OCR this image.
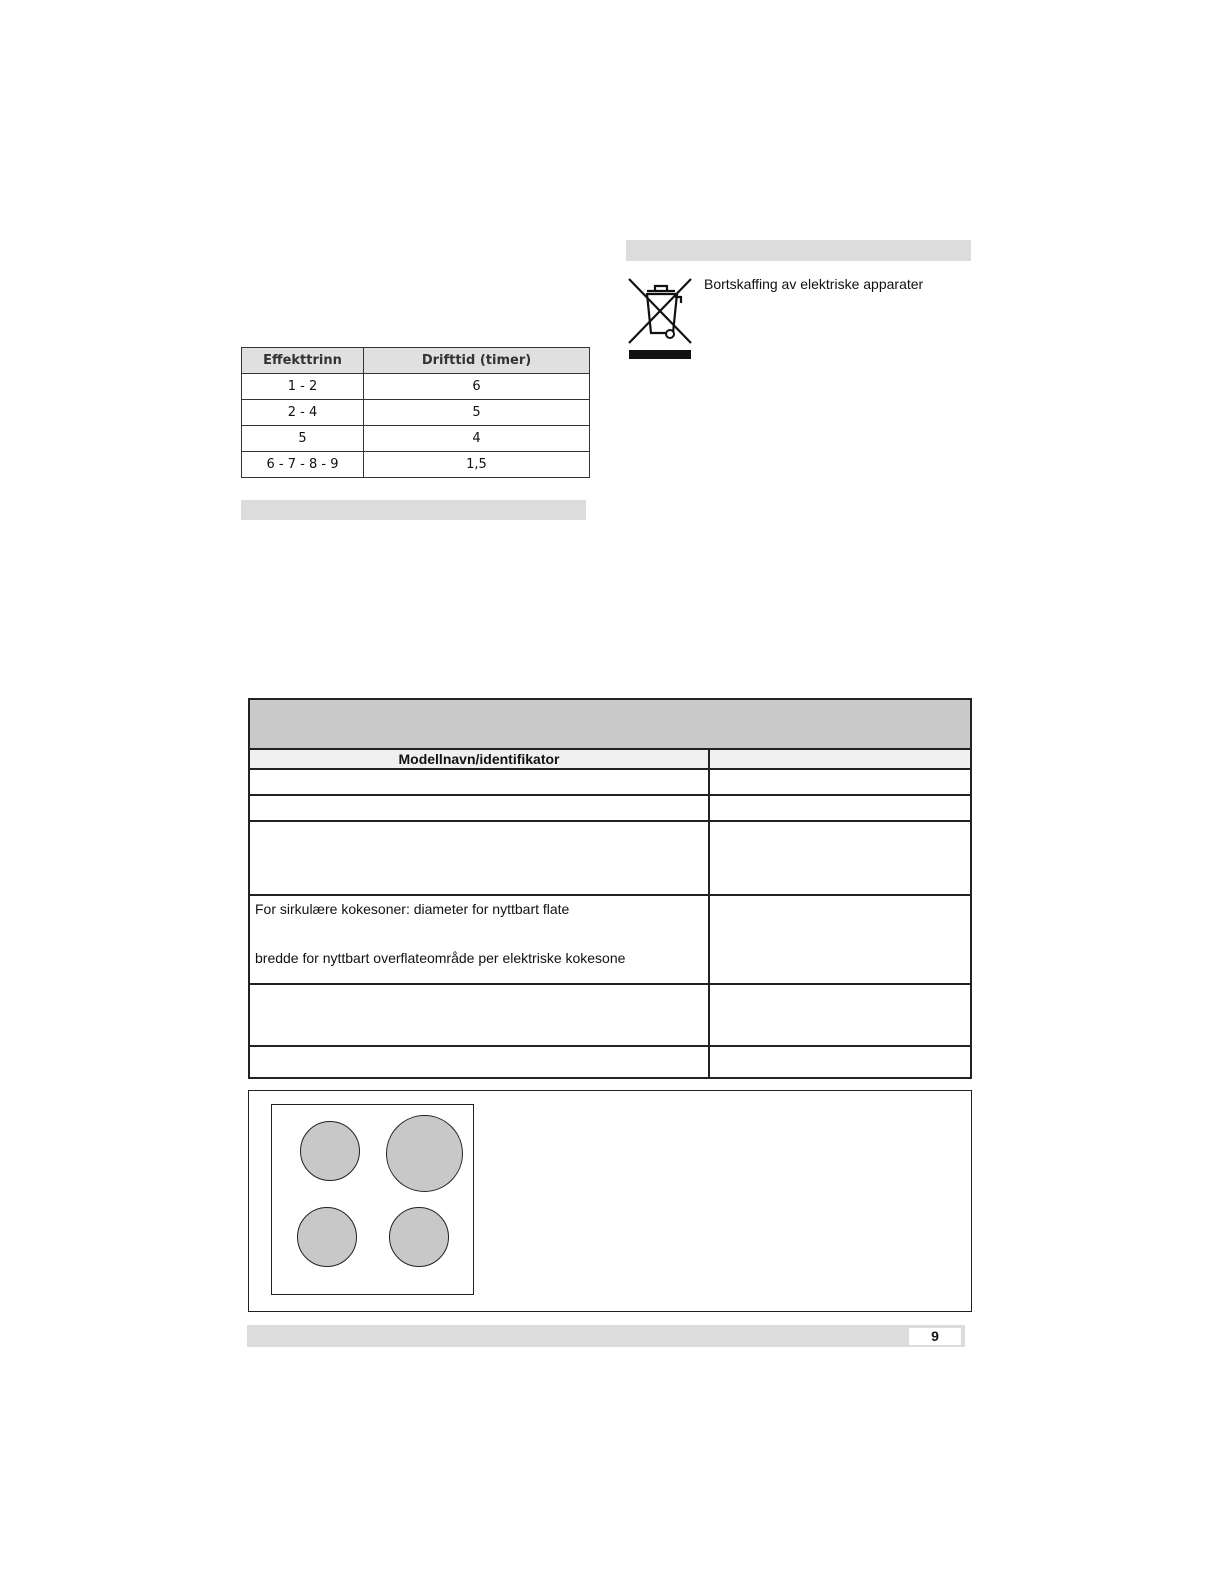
Effekttrinn	Drifttid (timer)
1 - 2	6
2 - 4	5
5	4
6 - 7 - 8 - 9	1,5
Bortskaffing av elektriske apparater
Modellnavn/identifikator	

For sirkulære kokesoner: diameter for nyttbart flate
bredde for nyttbart overflateområde per elektriske kokesone	

9
